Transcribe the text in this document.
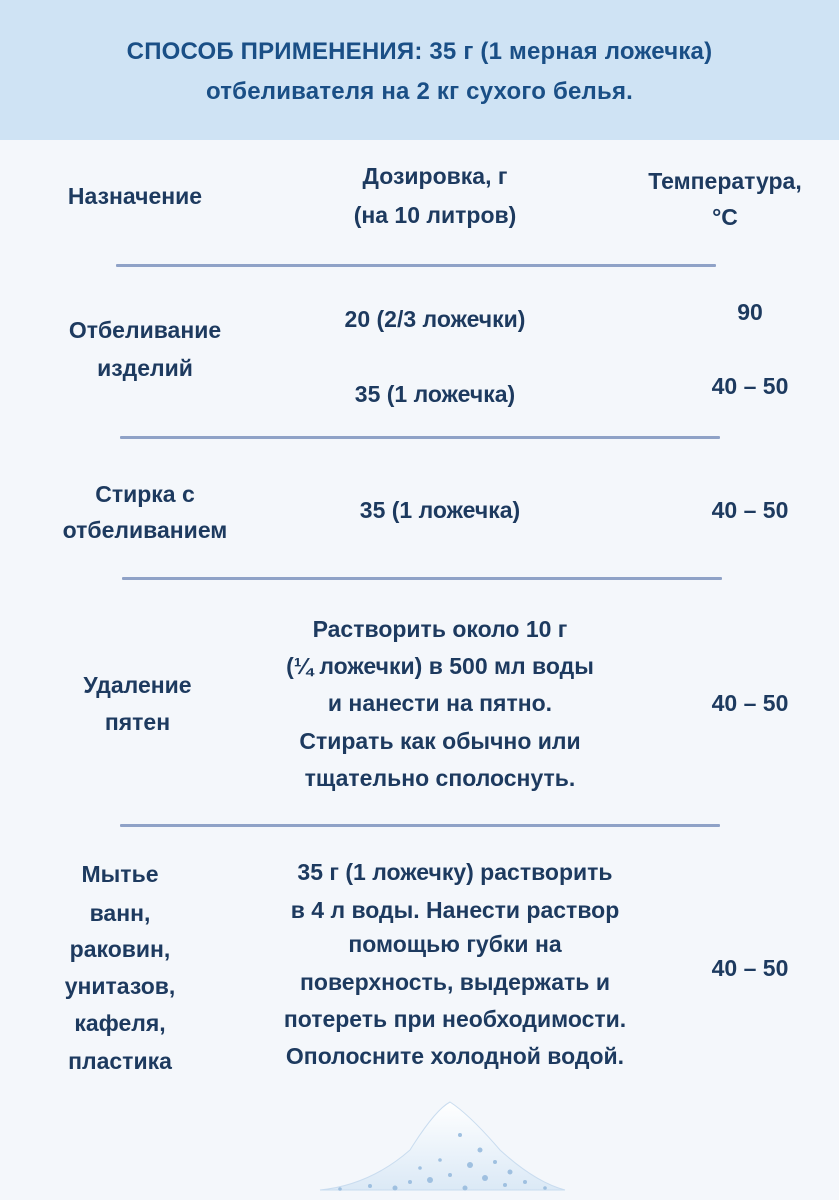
СПОСОБ ПРИМЕНЕНИЯ: 35 г (1 мерная ложечка)
отбеливателя на 2 кг сухого белья.
Назначение
Дозировка, г
(на 10 литров)
Температура,
°С
Отбеливание
изделий
20 (2/3 ложечки)
35 (1 ложечка)
90
40 – 50
Стирка с
отбеливанием
35 (1 ложечка)	40 – 50
Удаление
пятен
Растворить около 10 г
(¼ ложечки) в 500 мл воды
и нанести на пятно.
Стирать как обычно или
тщательно сполоснуть.
40 – 50
Мытье
ванн,
раковин,
унитазов,
кафеля,
пластика
35 г (1 ложечку) растворить
в 4 л воды. Нанести раствор
помощью губки на
поверхность, выдержать и
потереть при необходимости.
Ополосните холодной водой.
40 – 50
